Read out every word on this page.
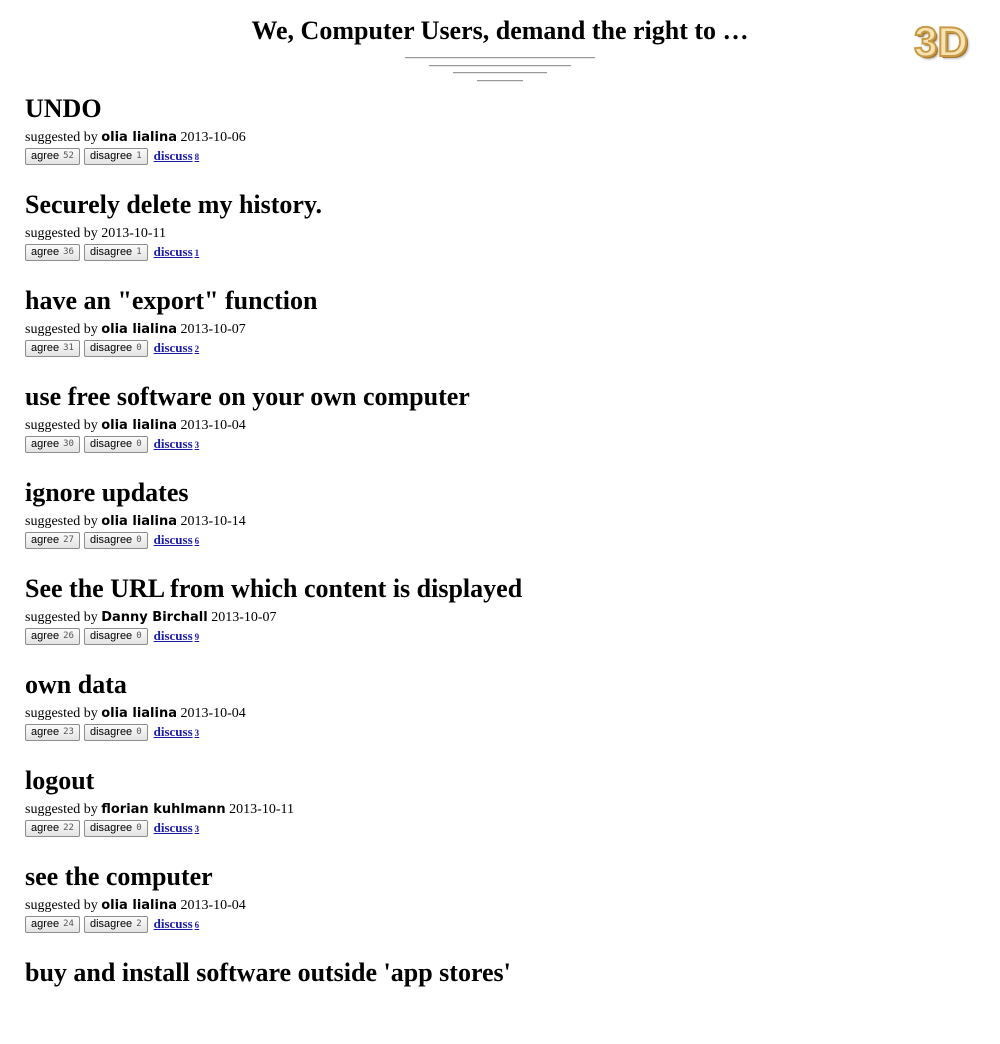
We, Computer Users, demand the right to …	3D
UNDO
suggested by olia lialina 2013-10-06
agree 52 disagree 1 discuss 8
Securely delete my history.
suggested by 2013-10-11
agree 36 disagree 1 discuss 1
have an "export" function
suggested by olia lialina 2013-10-07
agree 31 disagree 0 discuss 2
use free software on your own computer
suggested by olia lialina 2013-10-04
agree 30 disagree 0 discuss 3
ignore updates
suggested by olia lialina 2013-10-14
agree 27 disagree 0 discuss 6
See the URL from which content is displayed
suggested by Danny Birchall 2013-10-07
agree 26 disagree 0 discuss 9
own data
suggested by olia lialina 2013-10-04
agree 23 disagree 0 discuss 3
logout
suggested by florian kuhlmann 2013-10-11
agree 22 disagree 0 discuss 3
see the computer
suggested by olia lialina 2013-10-04
agree 24 disagree 2 discuss 6
buy and install software outside 'app stores'
